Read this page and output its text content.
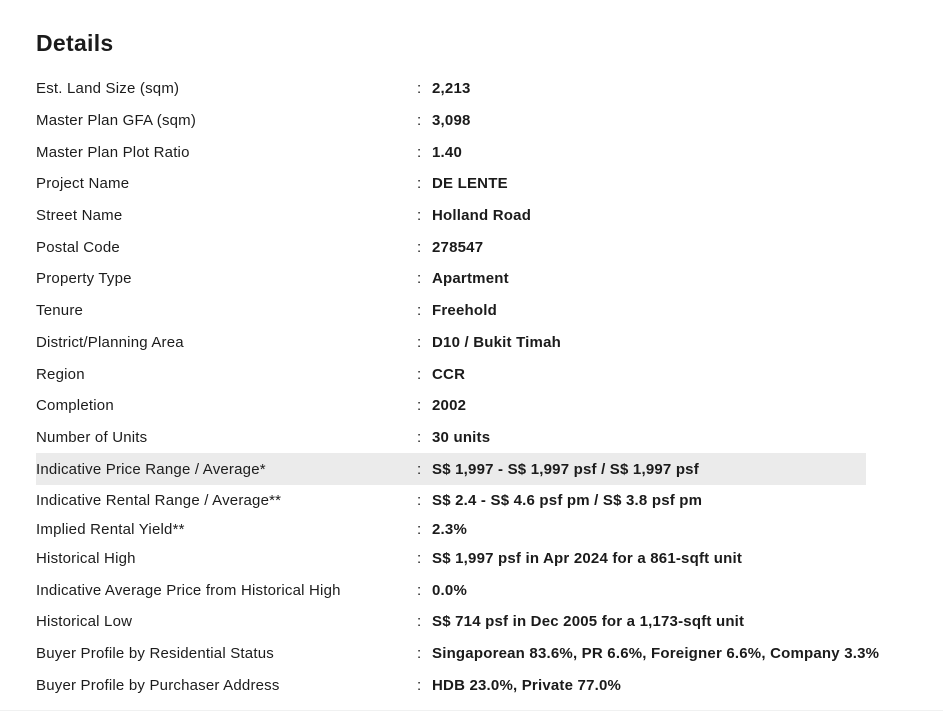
Details
Est. Land Size (sqm)	: 2,213
Master Plan GFA (sqm)	: 3,098
Master Plan Plot Ratio	: 1.40
Project Name	: DE LENTE
Street Name	: Holland Road
Postal Code	: 278547
Property Type	: Apartment
Tenure	: Freehold
District/Planning Area	: D10 / Bukit Timah
Region	: CCR
Completion	: 2002
Number of Units	: 30 units
Indicative Price Range / Average*	: S$ 1,997 - S$ 1,997 psf / S$ 1,997 psf
Indicative Rental Range / Average**	: S$ 2.4 - S$ 4.6 psf pm / S$ 3.8 psf pm
Implied Rental Yield**	: 2.3%
Historical High	: S$ 1,997 psf in Apr 2024 for a 861-sqft unit
Indicative Average Price from Historical High	: 0.0%
Historical Low	: S$ 714 psf in Dec 2005 for a 1,173-sqft unit
Buyer Profile by Residential Status	: Singaporean 83.6%, PR 6.6%, Foreigner 6.6%, Company 3.3%
Buyer Profile by Purchaser Address	: HDB 23.0%, Private 77.0%
